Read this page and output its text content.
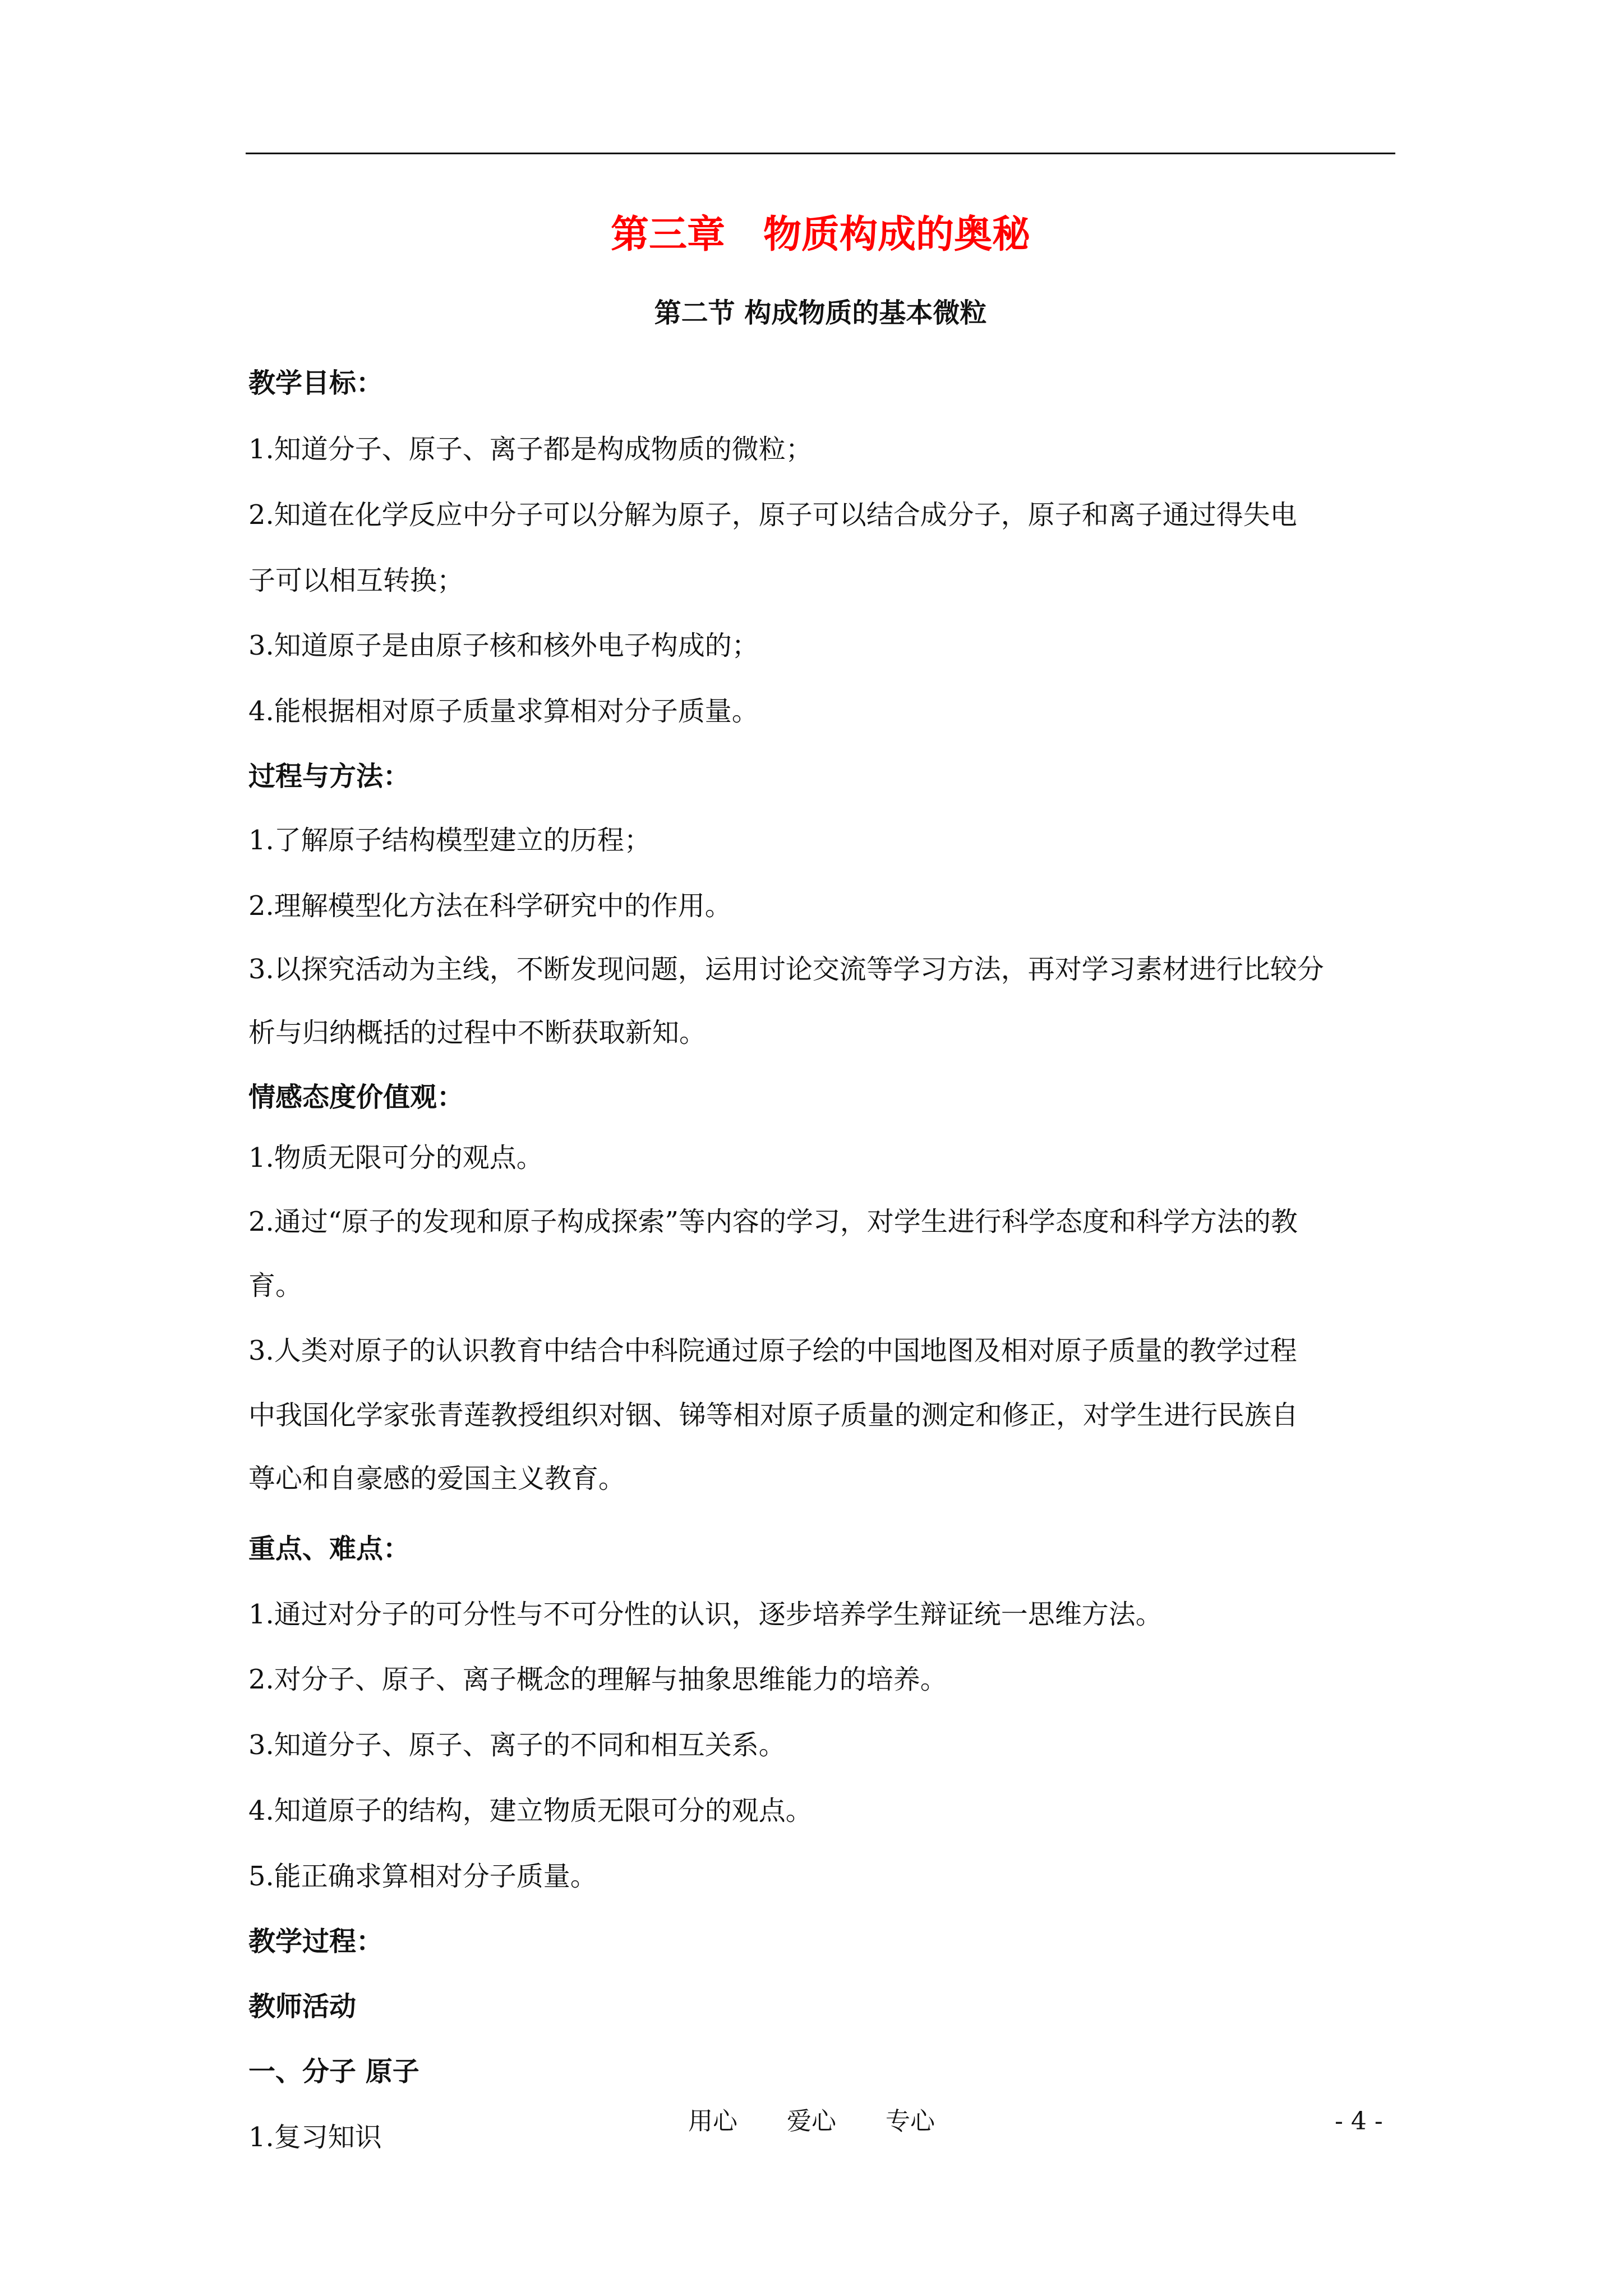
第三章　物质构成的奥秘
第二节 构成物质的基本微粒
教学目标：
1.知道分子、原子、离子都是构成物质的微粒；
2.知道在化学反应中分子可以分解为原子，原子可以结合成分子，原子和离子通过得失电
子可以相互转换；
3.知道原子是由原子核和核外电子构成的；
4.能根据相对原子质量求算相对分子质量。
过程与方法：
1.了解原子结构模型建立的历程；
2.理解模型化方法在科学研究中的作用。
3.以探究活动为主线，不断发现问题，运用讨论交流等学习方法，再对学习素材进行比较分
析与归纳概括的过程中不断获取新知。
情感态度价值观：
1.物质无限可分的观点。
2.通过“原子的发现和原子构成探索”等内容的学习，对学生进行科学态度和科学方法的教
育。
3.人类对原子的认识教育中结合中科院通过原子绘的中国地图及相对原子质量的教学过程
中我国化学家张青莲教授组织对铟、锑等相对原子质量的测定和修正，对学生进行民族自
尊心和自豪感的爱国主义教育。
重点、难点：
1.通过对分子的可分性与不可分性的认识，逐步培养学生辩证统一思维方法。
2.对分子、原子、离子概念的理解与抽象思维能力的培养。
3.知道分子、原子、离子的不同和相互关系。
4.知道原子的结构，建立物质无限可分的观点。
5.能正确求算相对分子质量。
教学过程：
教师活动
一、分子 原子
1.复习知识
用心　　爱心　　专心	- 4 -
